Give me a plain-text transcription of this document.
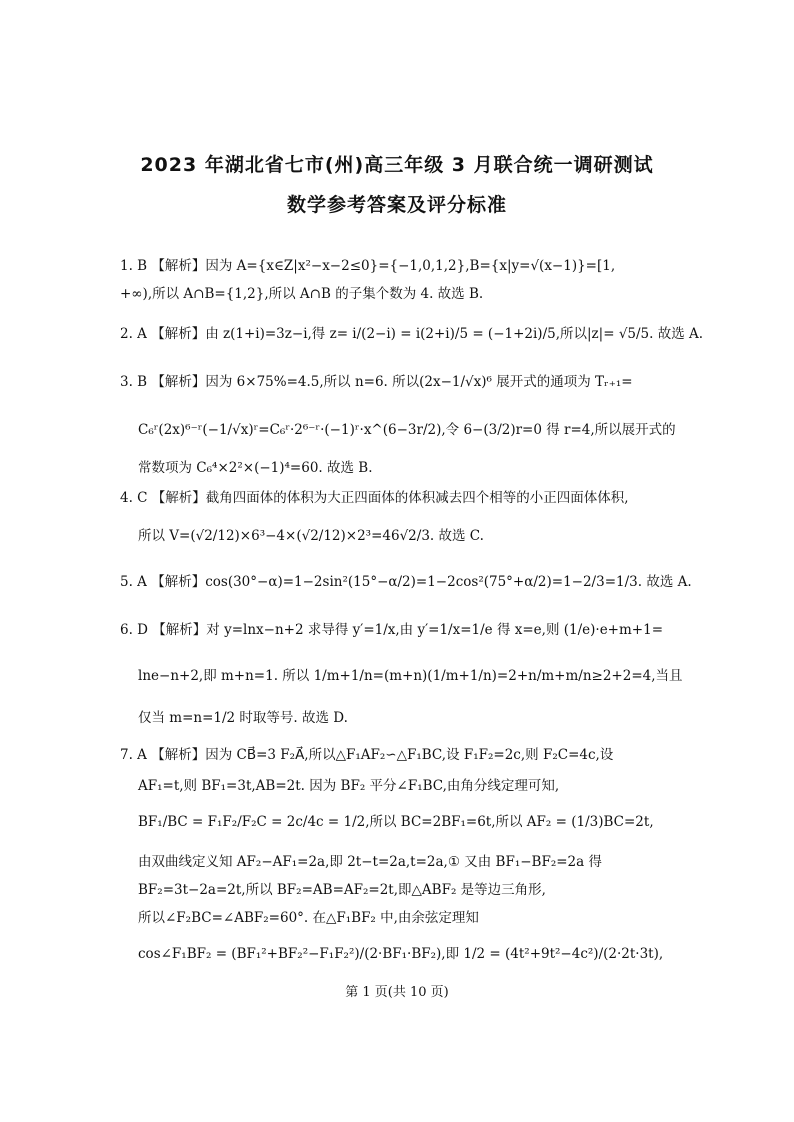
2023 年湖北省七市(州)高三年级 3 月联合统一调研测试
数学参考答案及评分标准
1. B 【解析】因为 A={x∈Z|x²−x−2≤0}={−1,0,1,2},B={x|y=√(x−1)}=[1,
+∞),所以 A∩B={1,2},所以 A∩B 的子集个数为 4. 故选 B.
2. A 【解析】由 z(1+i)=3z−i,得 z= i/(2−i) = i(2+i)/5 = (−1+2i)/5,所以|z|= √5/5. 故选 A.
3. B 【解析】因为 6×75%=4.5,所以 n=6. 所以(2x−1/√x)⁶ 展开式的通项为 Tᵣ₊₁=
C₆ʳ(2x)⁶⁻ʳ(−1/√x)ʳ=C₆ʳ·2⁶⁻ʳ·(−1)ʳ·x^(6−3r/2),令 6−(3/2)r=0 得 r=4,所以展开式的
常数项为 C₆⁴×2²×(−1)⁴=60. 故选 B.
4. C 【解析】截角四面体的体积为大正四面体的体积减去四个相等的小正四面体体积,
所以 V=(√2/12)×6³−4×(√2/12)×2³=46√2/3. 故选 C.
5. A 【解析】cos(30°−α)=1−2sin²(15°−α/2)=1−2cos²(75°+α/2)=1−2/3=1/3. 故选 A.
6. D 【解析】对 y=lnx−n+2 求导得 y′=1/x,由 y′=1/x=1/e 得 x=e,则 (1/e)·e+m+1=
lne−n+2,即 m+n=1. 所以 1/m+1/n=(m+n)(1/m+1/n)=2+n/m+m/n≥2+2=4,当且
仅当 m=n=1/2 时取等号. 故选 D.
7. A 【解析】因为 CB⃗=3 F₂A⃗,所以△F₁AF₂∽△F₁BC,设 F₁F₂=2c,则 F₂C=4c,设
AF₁=t,则 BF₁=3t,AB=2t. 因为 BF₂ 平分∠F₁BC,由角分线定理可知,
BF₁/BC = F₁F₂/F₂C = 2c/4c = 1/2,所以 BC=2BF₁=6t,所以 AF₂ = (1/3)BC=2t,
由双曲线定义知 AF₂−AF₁=2a,即 2t−t=2a,t=2a,① 又由 BF₁−BF₂=2a 得
BF₂=3t−2a=2t,所以 BF₂=AB=AF₂=2t,即△ABF₂ 是等边三角形,
所以∠F₂BC=∠ABF₂=60°. 在△F₁BF₂ 中,由余弦定理知
cos∠F₁BF₂ = (BF₁²+BF₂²−F₁F₂²)/(2·BF₁·BF₂),即 1/2 = (4t²+9t²−4c²)/(2·2t·3t),
第 1 页(共 10 页)
